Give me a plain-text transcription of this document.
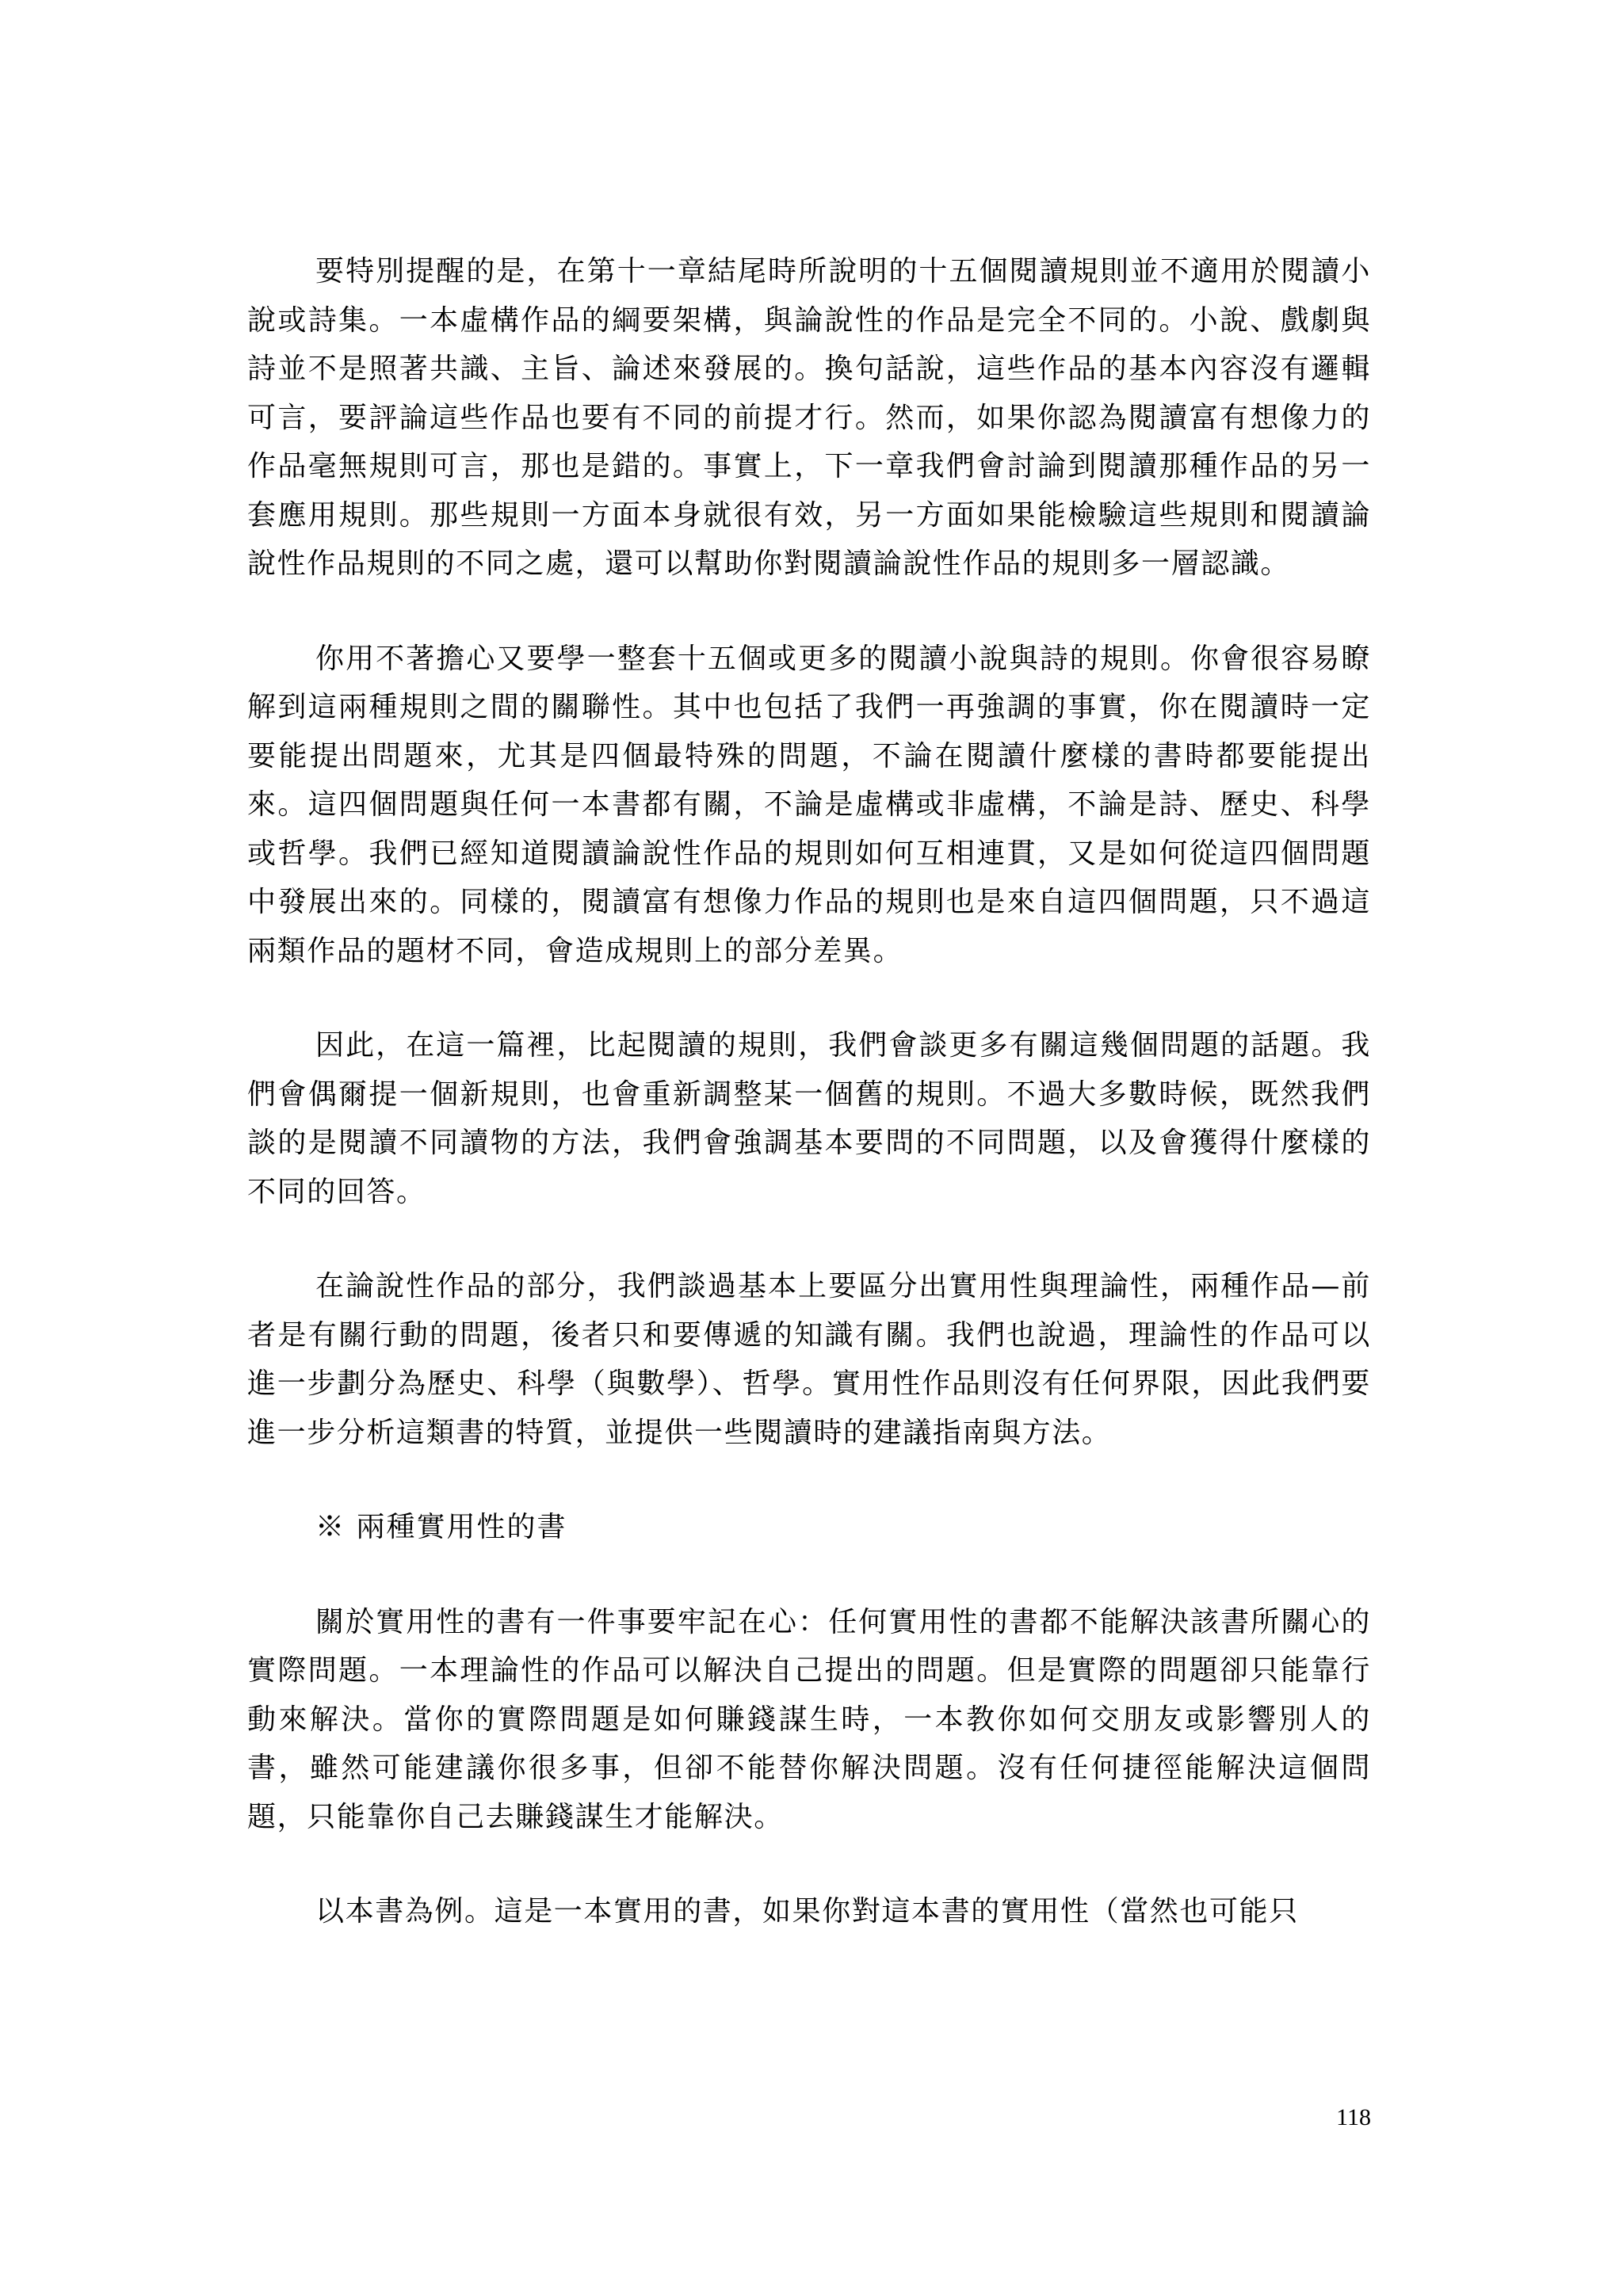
要特別提醒的是，在第十一章結尾時所說明的十五個閱讀規則並不適用於閱讀小說或詩集。一本虛構作品的綱要架構，與論說性的作品是完全不同的。小說、戲劇與詩並不是照著共識、主旨、論述來發展的。換句話說，這些作品的基本內容沒有邏輯可言，要評論這些作品也要有不同的前提才行。然而，如果你認為閱讀富有想像力的作品毫無規則可言，那也是錯的。事實上，下一章我們會討論到閱讀那種作品的另一套應用規則。那些規則一方面本身就很有效，另一方面如果能檢驗這些規則和閱讀論說性作品規則的不同之處，還可以幫助你對閱讀論說性作品的規則多一層認識。

你用不著擔心又要學一整套十五個或更多的閱讀小說與詩的規則。你會很容易瞭解到這兩種規則之間的關聯性。其中也包括了我們一再強調的事實，你在閱讀時一定要能提出問題來，尤其是四個最特殊的問題，不論在閱讀什麼樣的書時都要能提出來。這四個問題與任何一本書都有關，不論是虛構或非虛構，不論是詩、歷史、科學或哲學。我們已經知道閱讀論說性作品的規則如何互相連貫，又是如何從這四個問題中發展出來的。同樣的，閱讀富有想像力作品的規則也是來自這四個問題，只不過這兩類作品的題材不同，會造成規則上的部分差異。

因此，在這一篇裡，比起閱讀的規則，我們會談更多有關這幾個問題的話題。我們會偶爾提一個新規則，也會重新調整某一個舊的規則。不過大多數時候，既然我們談的是閱讀不同讀物的方法，我們會強調基本要問的不同問題，以及會獲得什麼樣的不同的回答。

在論說性作品的部分，我們談過基本上要區分出實用性與理論性，兩種作品—前者是有關行動的問題，後者只和要傳遞的知識有關。我們也說過，理論性的作品可以進一步劃分為歷史、科學（與數學）、哲學。實用性作品則沒有任何界限，因此我們要進一步分析這類書的特質，並提供一些閱讀時的建議指南與方法。

※ 兩種實用性的書

關於實用性的書有一件事要牢記在心：任何實用性的書都不能解決該書所關心的實際問題。一本理論性的作品可以解決自己提出的問題。但是實際的問題卻只能靠行動來解決。當你的實際問題是如何賺錢謀生時，一本教你如何交朋友或影響別人的書，雖然可能建議你很多事，但卻不能替你解決問題。沒有任何捷徑能解決這個問題，只能靠你自己去賺錢謀生才能解決。

以本書為例。這是一本實用的書，如果你對這本書的實用性（當然也可能只

118
